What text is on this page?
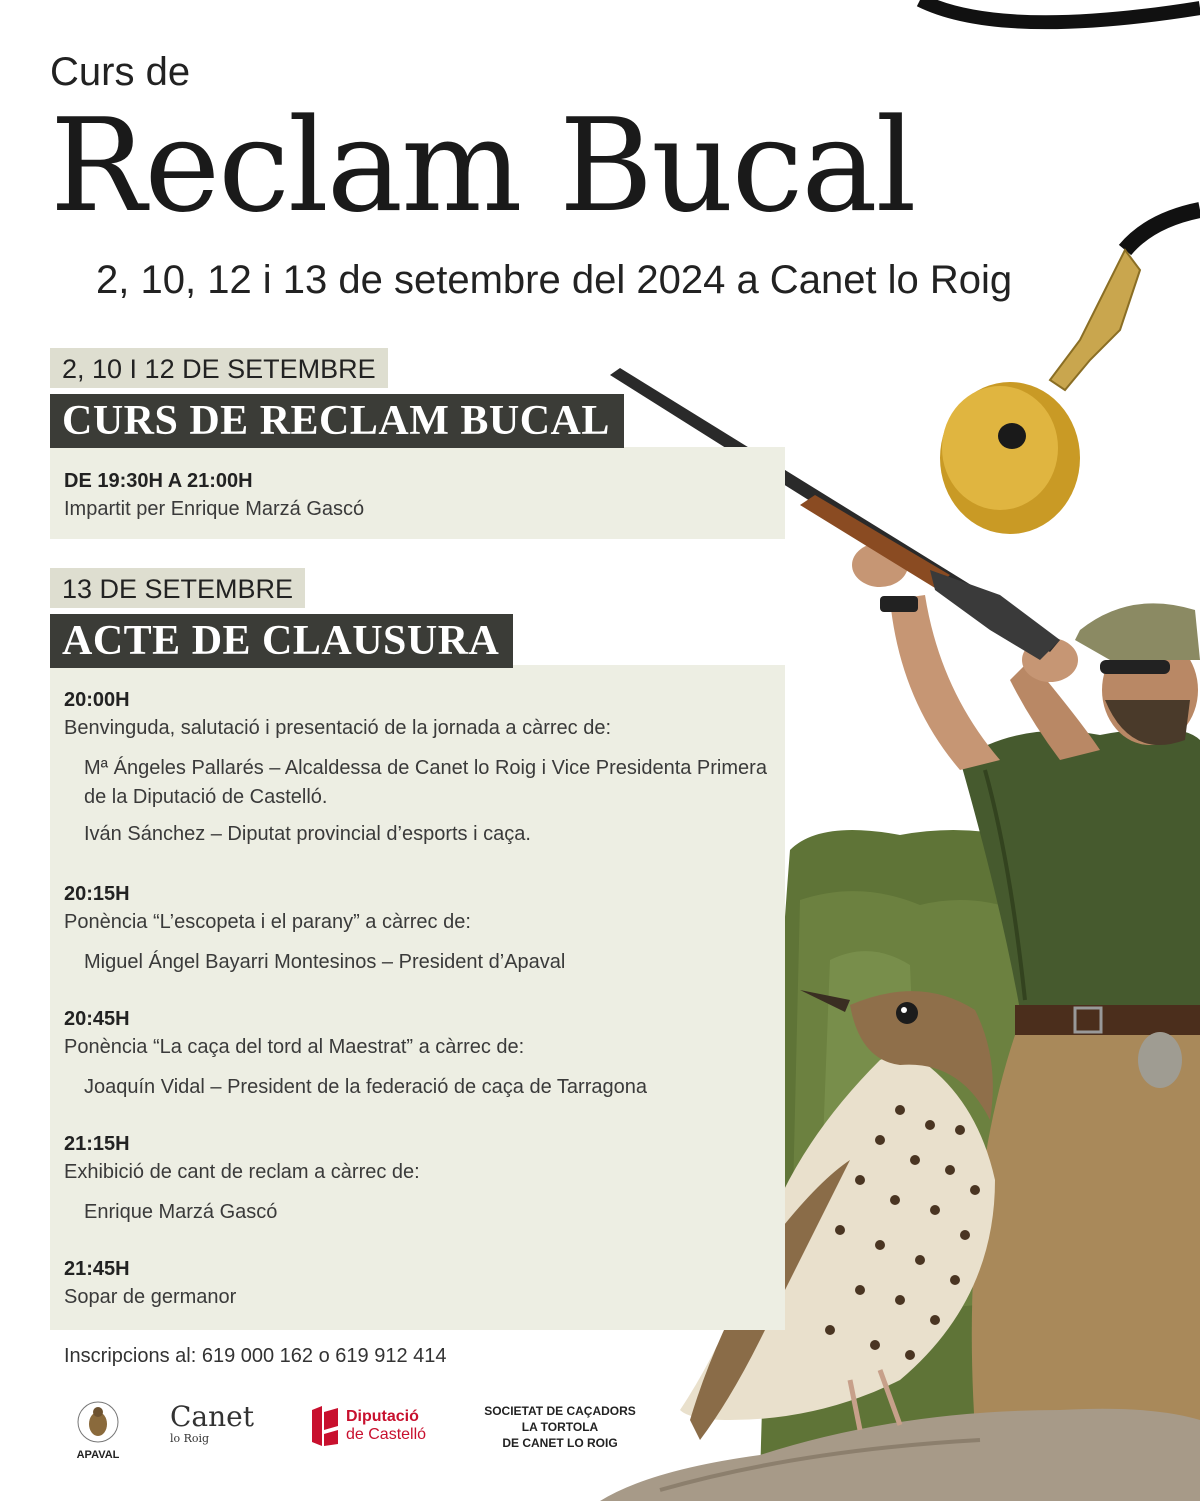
Curs de
Reclam Bucal
2, 10, 12 i 13 de setembre del 2024 a Canet lo Roig
2, 10 I 12 DE SETEMBRE
CURS DE RECLAM BUCAL
DE 19:30H A 21:00H
Impartit per Enrique Marzá Gascó
13 DE SETEMBRE
ACTE DE CLAUSURA
20:00H
Benvinguda, salutació i presentació de la jornada a càrrec de:
Mª Ángeles Pallarés – Alcaldessa de Canet lo Roig i Vice Presidenta Primera de la Diputació de Castelló.
Iván Sánchez – Diputat provincial d’esports i caça.
20:15H
Ponència “L’escopeta i el parany” a càrrec de:
Miguel Ángel Bayarri Montesinos – President d’Apaval
20:45H
Ponència “La caça del tord al Maestrat” a càrrec de:
Joaquín Vidal – President de la federació de caça de Tarragona
21:15H
Exhibició de cant de reclam a càrrec de:
Enrique Marzá Gascó
21:45H
Sopar de germanor
Inscripcions al: 619 000 162 o 619 912 414
APAVAL
Canet
lo Roig
Diputació
de Castelló
SOCIETAT DE CAÇADORS
LA TORTOLA
DE CANET LO ROIG
